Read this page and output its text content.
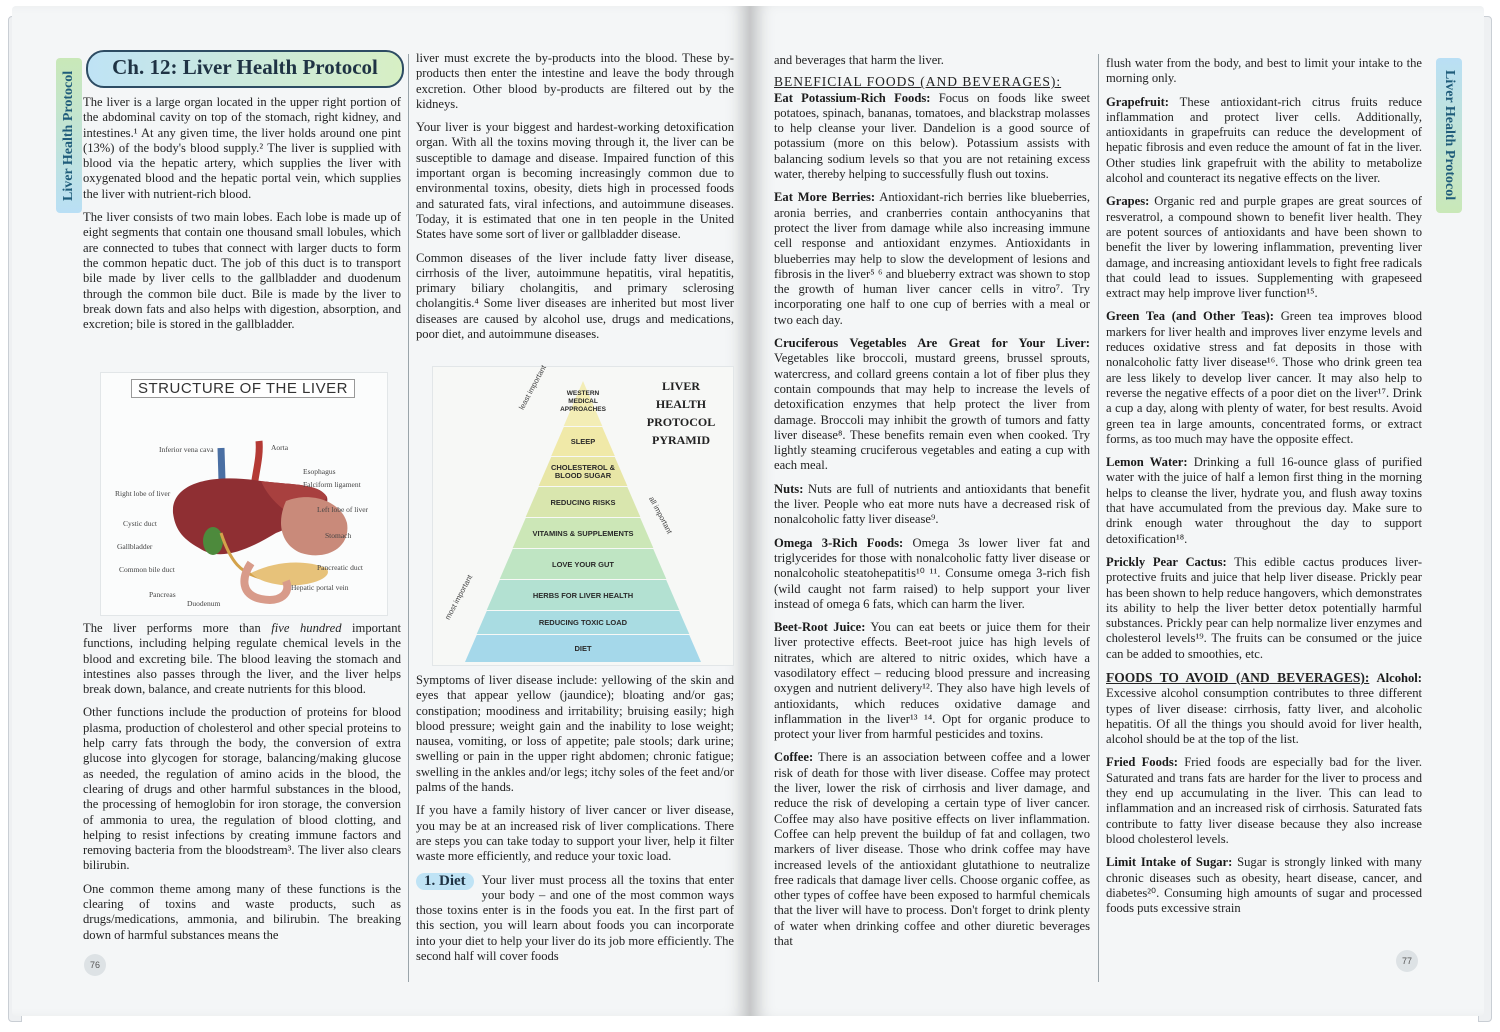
Liver Health Protocol
Ch. 12: Liver Health Protocol

The liver is a large organ located in the upper right portion of the abdominal cavity on top of the stomach, right kidney, and intestines.¹ At any given time, the liver holds around one pint (13%) of the body's blood supply.² The liver is supplied with blood via the hepatic artery, which supplies the liver with oxygenated blood and the hepatic portal vein, which supplies the liver with nutrient-rich blood.

The liver consists of two main lobes. Each lobe is made up of eight segments that contain one thousand small lobules, which are connected to tubes that connect with larger ducts to form the common hepatic duct. The job of this duct is to transport bile made by liver cells to the gallbladder and duodenum through the common bile duct. Bile is made by the liver to break down fats and also helps with digestion, absorption, and excretion; bile is stored in the gallbladder.

STRUCTURE OF THE LIVER
Inferior vena cava	Aorta
Esophagus
Falciform ligament
Right lobe of liver
Left lobe of liver
Cystic duct
Stomach
Gallbladder
Common bile duct	Pancreatic duct
Hepatic portal vein
Pancreas
Duodenum

The liver performs more than five hundred important functions, including helping regulate chemical levels in the blood and excreting bile. The blood leaving the stomach and intestines also passes through the liver, and the liver helps break down, balance, and create nutrients for this blood.

Other functions include the production of proteins for blood plasma, production of cholesterol and other special proteins to help carry fats through the body, the conversion of extra glucose into glycogen for storage, balancing/making glucose as needed, the regulation of amino acids in the blood, the clearing of drugs and other harmful substances in the blood, the processing of hemoglobin for iron storage, the conversion of ammonia to urea, the regulation of blood clotting, and helping to resist infections by creating immune factors and removing bacteria from the bloodstream³. The liver also clears bilirubin.

One common theme among many of these functions is the clearing of toxins and waste products, such as drugs/medications, ammonia, and bilirubin. The breaking down of harmful substances means the

76

liver must excrete the by-products into the blood. These by-products then enter the intestine and leave the body through excretion. Other blood by-products are filtered out by the kidneys.

Your liver is your biggest and hardest-working detoxification organ. With all the toxins moving through it, the liver can be susceptible to damage and disease. Impaired function of this important organ is becoming increasingly common due to environmental toxins, obesity, diets high in processed foods and saturated fats, viral infections, and autoimmune diseases. Today, it is estimated that one in ten people in the United States have some sort of liver or gallbladder disease.

Common diseases of the liver include fatty liver disease, cirrhosis of the liver, autoimmune hepatitis, viral hepatitis, primary biliary cholangitis, and primary sclerosing cholangitis.⁴ Some liver diseases are inherited but most liver diseases are caused by alcohol use, drugs and medications, poor diet, and autoimmune diseases.

WESTERN MEDICAL APPROACHES
SLEEP
CHOLESTEROL & BLOOD SUGAR
REDUCING RISKS
VITAMINS & SUPPLEMENTS
LOVE YOUR GUT
HERBS FOR LIVER HEALTH
REDUCING TOXIC LOAD
DIET
LIVER
HEALTH
PROTOCOL
PYRAMID
least important
most important
all important

Symptoms of liver disease include: yellowing of the skin and eyes that appear yellow (jaundice); bloating and/or gas; constipation; moodiness and irritability; bruising easily; high blood pressure; weight gain and the inability to lose weight; nausea, vomiting, or loss of appetite; pale stools; dark urine; swelling or pain in the upper right abdomen; chronic fatigue; swelling in the ankles and/or legs; itchy soles of the feet and/or palms of the hands.

If you have a family history of liver cancer or liver disease, you may be at an increased risk of liver complications. There are steps you can take today to support your liver, help it filter waste more efficiently, and reduce your toxic load.

1. Diet	Your liver must process all the toxins that enter your body – and one of the most common ways those toxins enter is in the foods you eat. In the first part of this section, you will learn about foods you can incorporate into your diet to help your liver do its job more efficiently. The second half will cover foods

and beverages that harm the liver.

BENEFICIAL FOODS (AND BEVERAGES):
Eat Potassium-Rich Foods: Focus on foods like sweet potatoes, spinach, bananas, tomatoes, and blackstrap molasses to help cleanse your liver. Dandelion is a good source of potassium (more on this below). Potassium assists with balancing sodium levels so that you are not retaining excess water, thereby helping to successfully flush out toxins.

Eat More Berries: Antioxidant-rich berries like blueberries, aronia berries, and cranberries contain anthocyanins that protect the liver from damage while also increasing immune cell response and antioxidant enzymes. Antioxidants in blueberries may help to slow the development of lesions and fibrosis in the liver⁵ ⁶ and blueberry extract was shown to stop the growth of human liver cancer cells in vitro⁷. Try incorporating one half to one cup of berries with a meal or two each day.

Cruciferous Vegetables Are Great for Your Liver: Vegetables like broccoli, mustard greens, brussel sprouts, watercress, and collard greens contain a lot of fiber plus they contain compounds that may help to increase the levels of detoxification enzymes that help protect the liver from damage. Broccoli may inhibit the growth of tumors and fatty liver disease⁸. These benefits remain even when cooked. Try lightly steaming cruciferous vegetables and eating a cup with each meal.

Nuts: Nuts are full of nutrients and antioxidants that benefit the liver. People who eat more nuts have a decreased risk of nonalcoholic fatty liver disease⁹.

Omega 3-Rich Foods: Omega 3s lower liver fat and triglycerides for those with nonalcoholic fatty liver disease or nonalcoholic steatohepatitis¹⁰ ¹¹. Consume omega 3-rich fish (wild caught not farm raised) to help support your liver instead of omega 6 fats, which can harm the liver.

Beet-Root Juice: You can eat beets or juice them for their liver protective effects. Beet-root juice has high levels of nitrates, which are altered to nitric oxides, which have a vasodilatory effect – reducing blood pressure and increasing oxygen and nutrient delivery¹². They also have high levels of antioxidants, which reduces oxidative damage and inflammation in the liver¹³ ¹⁴. Opt for organic produce to protect your liver from harmful pesticides and toxins.

Coffee: There is an association between coffee and a lower risk of death for those with liver disease. Coffee may protect the liver, lower the risk of cirrhosis and liver damage, and reduce the risk of developing a certain type of liver cancer. Coffee may also have positive effects on liver inflammation. Coffee can help prevent the buildup of fat and collagen, two markers of liver disease. Those who drink coffee may have increased levels of the antioxidant glutathione to neutralize free radicals that damage liver cells. Choose organic coffee, as other types of coffee have been exposed to harmful chemicals that the liver will have to process. Don't forget to drink plenty of water when drinking coffee and other diuretic beverages that

flush water from the body, and best to limit your intake to the morning only.

Grapefruit: These antioxidant-rich citrus fruits reduce inflammation and protect liver cells. Additionally, antioxidants in grapefruits can reduce the development of hepatic fibrosis and even reduce the amount of fat in the liver. Other studies link grapefruit with the ability to metabolize alcohol and counteract its negative effects on the liver.

Grapes: Organic red and purple grapes are great sources of resveratrol, a compound shown to benefit liver health. They are potent sources of antioxidants and have been shown to benefit the liver by lowering inflammation, preventing liver damage, and increasing antioxidant levels to fight free radicals that could lead to issues. Supplementing with grapeseed extract may help improve liver function¹⁵.

Green Tea (and Other Teas): Green tea improves blood markers for liver health and improves liver enzyme levels and reduces oxidative stress and fat deposits in those with nonalcoholic fatty liver disease¹⁶. Those who drink green tea are less likely to develop liver cancer. It may also help to reverse the negative effects of a poor diet on the liver¹⁷. Drink a cup a day, along with plenty of water, for best results. Avoid green tea in large amounts, concentrated forms, or extract forms, as too much may have the opposite effect.

Lemon Water: Drinking a full 16-ounce glass of purified water with the juice of half a lemon first thing in the morning helps to cleanse the liver, hydrate you, and flush away toxins that have accumulated from the previous day. Make sure to drink enough water throughout the day to support detoxification¹⁸.

Prickly Pear Cactus: This edible cactus produces liver-protective fruits and juice that help liver disease. Prickly pear has been shown to help reduce hangovers, which demonstrates its ability to help the liver better detox potentially harmful substances. Prickly pear can help normalize liver enzymes and cholesterol levels¹⁹. The fruits can be consumed or the juice can be added to smoothies, etc.

FOODS TO AVOID (AND BEVERAGES): Alcohol: Excessive alcohol consumption contributes to three different types of liver disease: cirrhosis, fatty liver, and alcoholic hepatitis. Of all the things you should avoid for liver health, alcohol should be at the top of the list.

Fried Foods: Fried foods are especially bad for the liver. Saturated and trans fats are harder for the liver to process and they end up accumulating in the liver. This can lead to inflammation and an increased risk of cirrhosis. Saturated fats contribute to fatty liver disease because they also increase blood cholesterol levels.

Limit Intake of Sugar: Sugar is strongly linked with many chronic diseases such as obesity, heart disease, cancer, and diabetes²⁰. Consuming high amounts of sugar and processed foods puts excessive strain

Liver Health Protocol
77
